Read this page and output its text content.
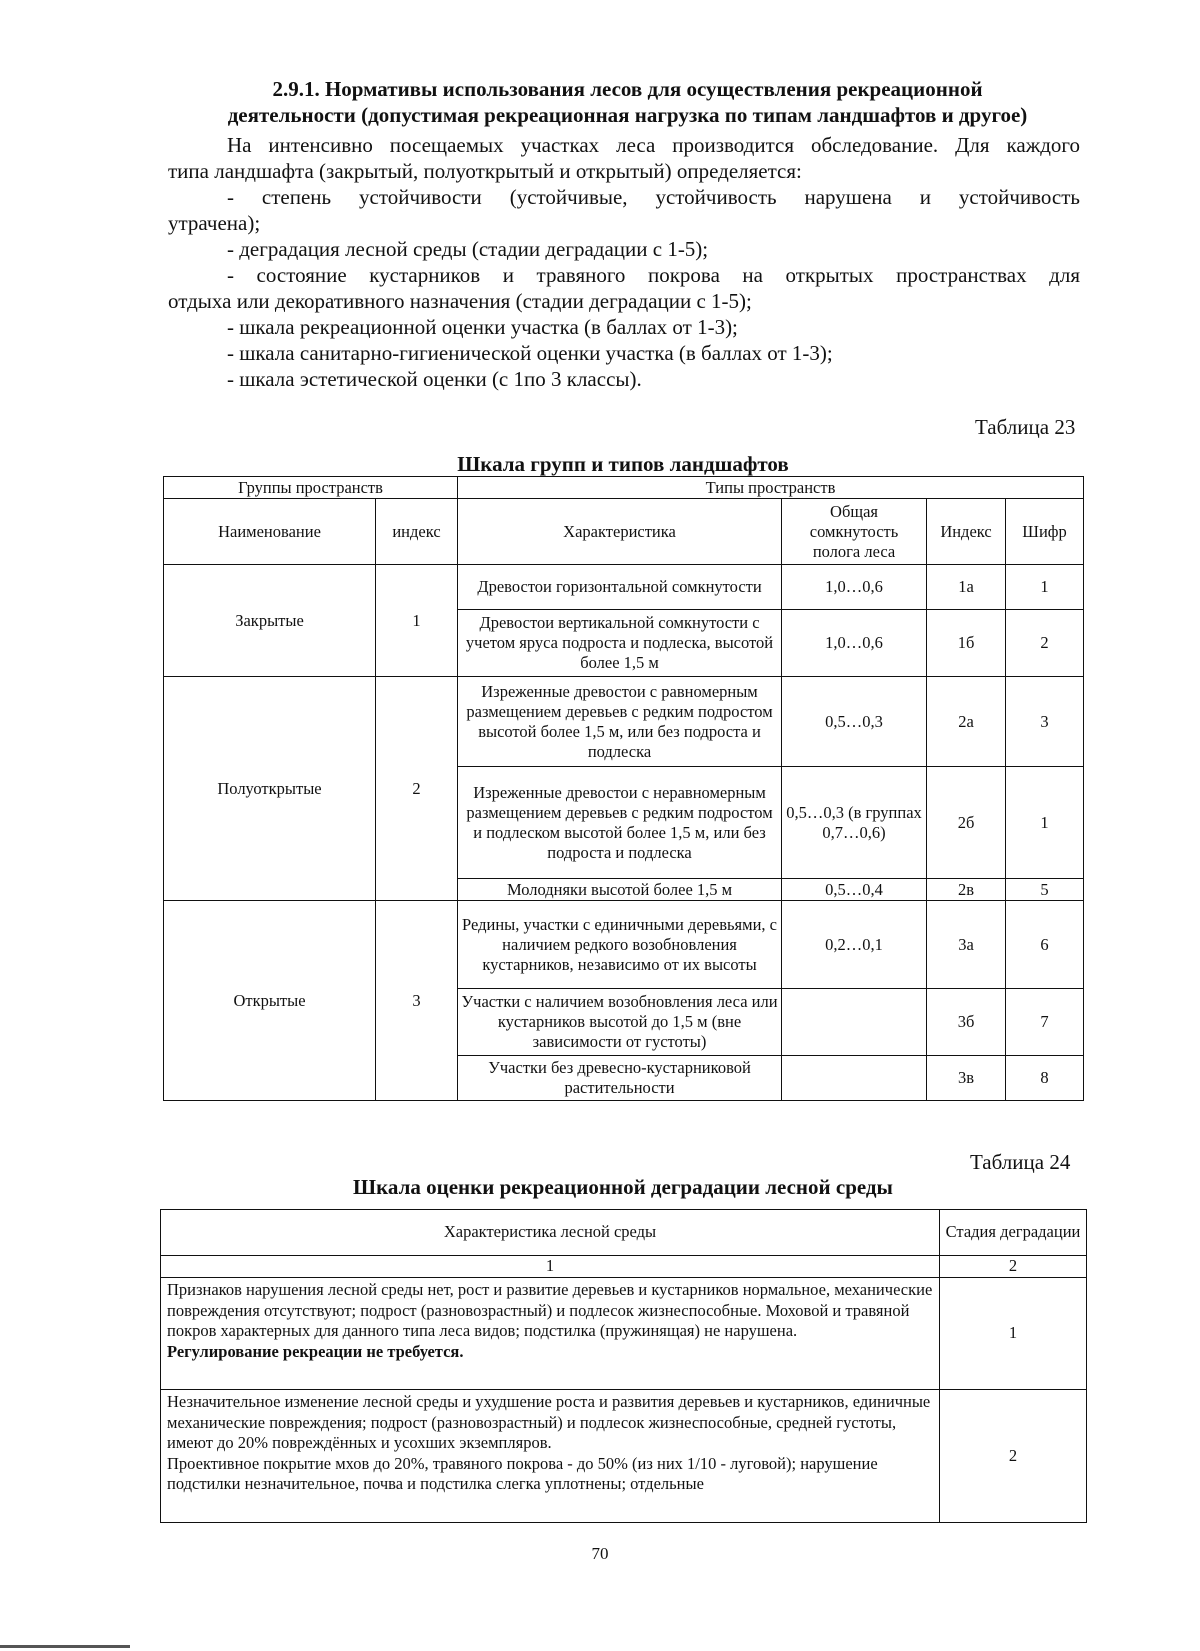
2.9.1. Нормативы использования лесов для осуществления рекреационной
деятельности (допустимая рекреационная нагрузка по типам ландшафтов и другое)
На интенсивно посещаемых участках леса производится обследование. Для каждого
типа ландшафта (закрытый, полуоткрытый и открытый) определяется:
- степень устойчивости (устойчивые, устойчивость нарушена и устойчивость
утрачена);
- деградация лесной среды (стадии деградации с 1-5);
- состояние кустарников и травяного покрова на открытых пространствах для
отдыха или декоративного назначения (стадии деградации с 1-5);
- шкала рекреационной оценки участка (в баллах от 1-3);
- шкала санитарно-гигиенической оценки участка (в баллах от 1-3);
- шкала эстетической оценки (с 1по 3 классы).
Таблица 23
Шкала групп и типов ландшафтов
Группы пространств		Типы пространств			
Наименование	индекс	Характеристика	Общая сомкнутость полога леса	Индекс	Шифр
Закрытые	1	Древостои горизонтальной сомкнутости	1,0…0,6	1а	1
		Древостои вертикальной сомкнутости с учетом яруса подроста и подлеска, высотой более 1,5 м	1,0…0,6	1б	2
Полуоткрытые	2	Изреженные древостои с равномерным размещением деревьев с редким подростом высотой более 1,5 м, или без подроста и подлеска	0,5…0,3	2а	3
		Изреженные древостои с неравномерным размещением деревьев с редким подростом и подлеском высотой более 1,5 м, или без подроста и подлеска	0,5…0,3 (в группах 0,7…0,6)	2б	1
		Молодняки высотой более 1,5 м	0,5…0,4	2в	5
Открытые	3	Редины, участки с единичными деревьями, с наличием редкого возобновления кустарников, независимо от их высоты	0,2…0,1	3а	6
		Участки с наличием возобновления леса или кустарников высотой до 1,5 м (вне зависимости от густоты)		3б	7
		Участки без древесно-кустарниковой растительности		3в	8
Таблица 24
Шкала оценки рекреационной деградации лесной среды
Характеристика лесной среды	Стадия деградации
1	2

Признаков нарушения лесной среды нет, рост и развитие деревьев и кустарников нормальное, механические повреждения отсутствуют; подрост (разновозрастный) и подлесок жизнеспособные. Моховой и травяной покров характерных для данного типа леса видов; подстилка (пружинящая) не нарушена.
Регулирование рекреации не требуется.	1

Незначительное изменение лесной среды и ухудшение роста и развития деревьев и кустарников, единичные механические повреждения; подрост (разновозрастный) и подлесок жизнеспособные, средней густоты, имеют до 20% повреждённых и усохших экземпляров.
Проективное покрытие мхов до 20%, травяного покрова - до 50% (из них 1/10 - луговой); нарушение подстилки незначительное, почва и подстилка слегка уплотнены; отдельные	2
70
